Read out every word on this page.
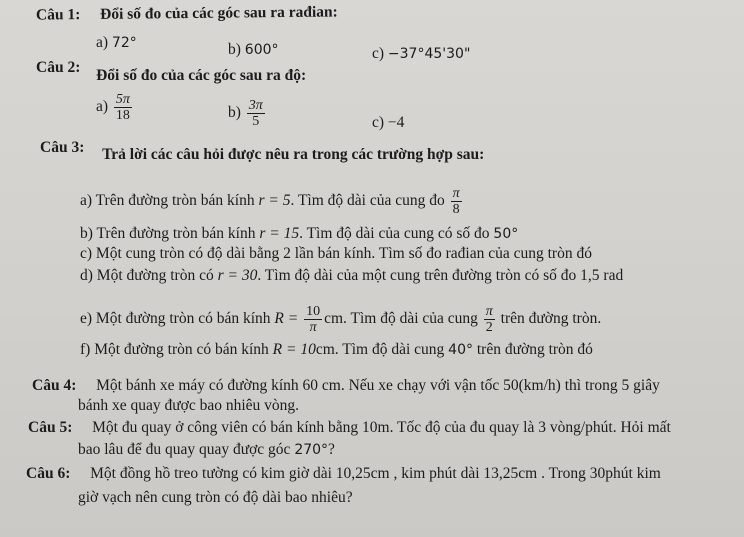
Câu 1: Đổi số đo của các góc sau ra rađian:
a) 72°	b) 600°	c) −37°45'30"
Câu 2: Đổi số đo của các góc sau ra độ:
$a) \frac{5\pi}{18}$	$b) \frac{3\pi}{5}$	c) −4
Câu 3: Trả lời các câu hỏi được nêu ra trong các trường hợp sau:
a) Trên đường tròn bán kính r = 5. Tìm độ dài của cung đo $\frac{\pi}{8}$
b) Trên đường tròn bán kính r = 15. Tìm độ dài của cung có số đo 50°
c) Một cung tròn có độ dài bằng 2 lần bán kính. Tìm số đo rađian của cung tròn đó
d) Một đường tròn có r = 30. Tìm độ dài của một cung trên đường tròn có số đo 1,5 rad
e) Một đường tròn có bán kính $R = \frac{10}{\pi}$ cm. Tìm độ dài của cung $\frac{\pi}{2}$ trên đường tròn.
f) Một đường tròn có bán kính R = 10cm. Tìm độ dài cung 40° trên đường tròn đó
Câu 4: Một bánh xe máy có đường kính 60 cm. Nếu xe chạy với vận tốc 50(km/h) thì trong 5 giây
bánh xe quay được bao nhiêu vòng.
Câu 5: Một đu quay ở công viên có bán kính bằng 10m. Tốc độ của đu quay là 3 vòng/phút. Hỏi mất
bao lâu để đu quay quay được góc 270°?
Câu 6: Một đồng hồ treo tường có kim giờ dài 10,25cm , kim phút dài 13,25cm . Trong 30phút kim
giờ vạch nên cung tròn có độ dài bao nhiêu?
